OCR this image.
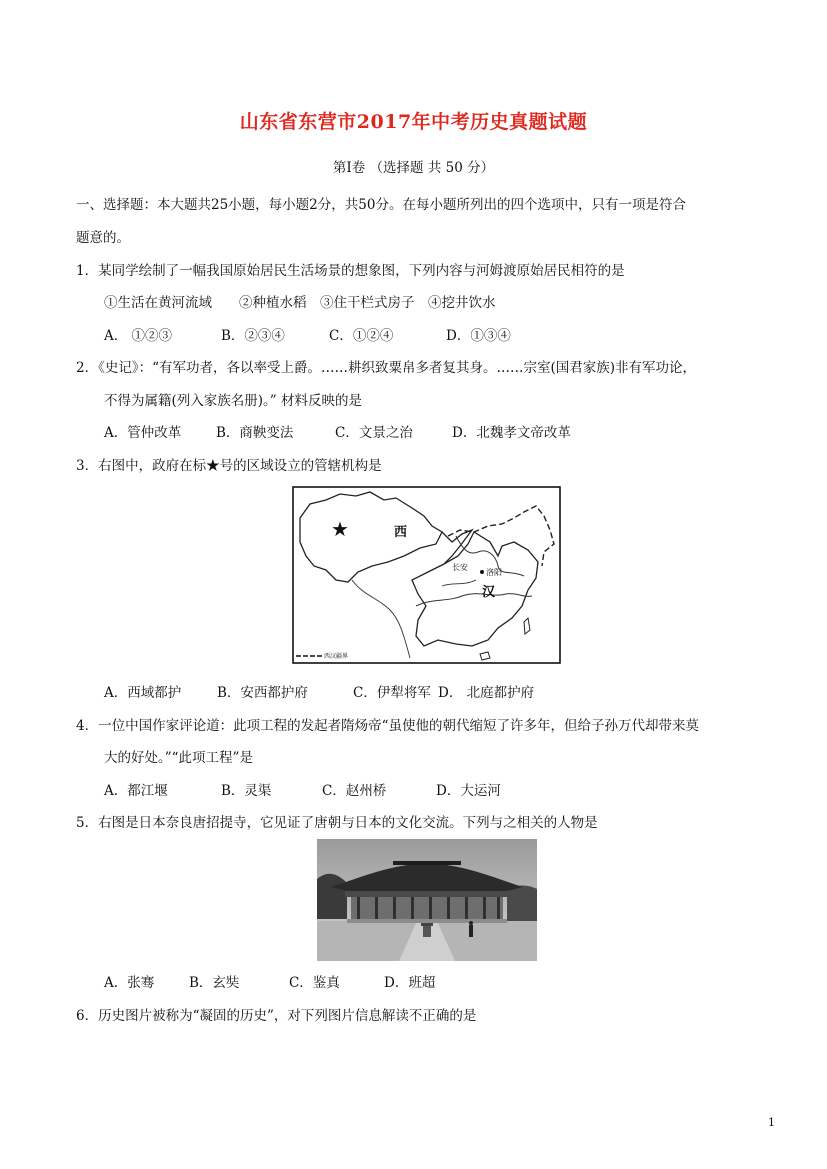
山东省东营市2017年中考历史真题试题
第Ⅰ卷 （选择题 共 50 分）
一、选择题：本大题共25小题，每小题2分，共50分。在每小题所列出的四个选项中，只有一项是符合
题意的。
1．某同学绘制了一幅我国原始居民生活场景的想象图，下列内容与河姆渡原始居民相符的是
①生活在黄河流域　　②种植水稻　③住干栏式房子　④挖井饮水
A． ①②③	B．②③④	C．①②④	D．①③④
2．《史记》：“有军功者，各以率受上爵。……耕织致粟帛多者复其身。……宗室(国君家族)非有军功论，
不得为属籍(列入家族名册)。” 材料反映的是
A．管仲改革	B．商鞅变法	C．文景之治	D．北魏孝文帝改革
3．右图中，政府在标★号的区域设立的管辖机构是
★	西
长安
洛阳
汉
西汉疆界
A．西域都护	B．安西都护府	C．伊犁将军 D． 北庭都护府
4．一位中国作家评论道：此项工程的发起者隋炀帝“虽使他的朝代缩短了许多年，但给子孙万代却带来莫
大的好处。”“此项工程”是
A．都江堰	B．灵渠	C．赵州桥	D．大运河
5．右图是日本奈良唐招提寺，它见证了唐朝与日本的文化交流。下列与之相关的人物是
A．张骞	B．玄奘	C．鉴真	D．班超
6．历史图片被称为“凝固的历史”，对下列图片信息解读不正确的是
1
